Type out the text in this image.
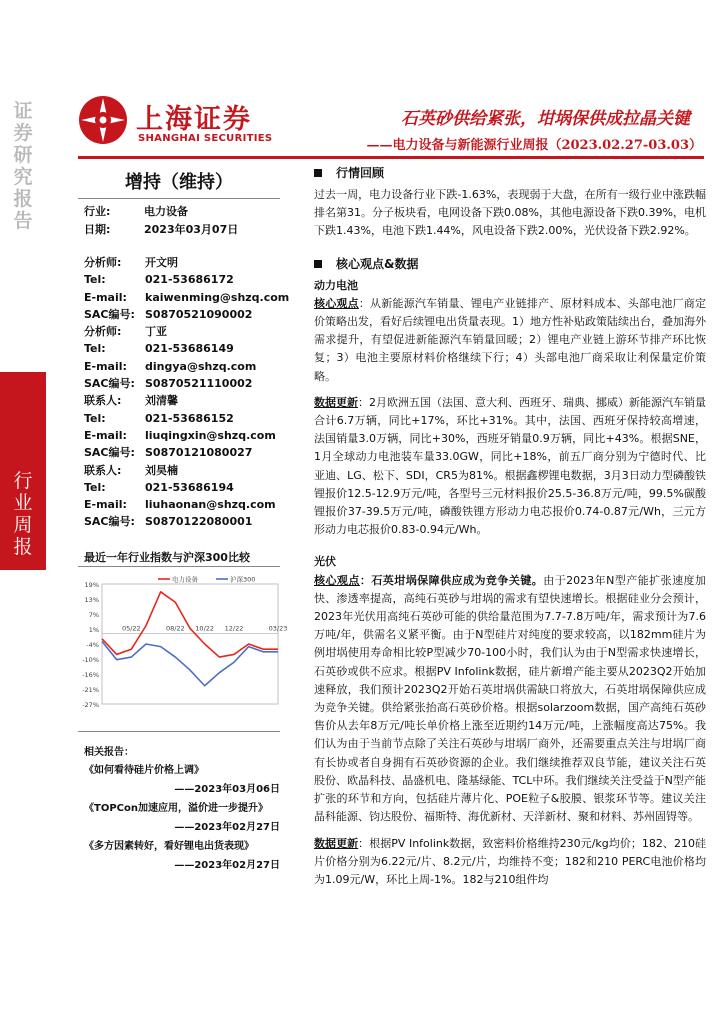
证券研究报告
行业周报
上海证券
SHANGHAI SECURITIES
石英砂供给紧张，坩埚保供成拉晶关键
——电力设备与新能源行业周报（2023.02.27-03.03）
增持（维持）
行业:	电力设备
日期:	2023年03月07日
分析师:	开文明
Tel:	021-53686172
E-mail:	kaiwenming@shzq.com
SAC编号: S0870521090002
分析师:	丁亚
Tel:	021-53686149
E-mail:	dingya@shzq.com
SAC编号: S0870521110002
联系人:	刘清馨
Tel:	021-53686152
E-mail:	liuqingxin@shzq.com
SAC编号: S0870121080027
联系人:	刘昊楠
Tel:	021-53686194
E-mail:	liuhaonan@shzq.com
SAC编号: S0870122080001
最近一年行业指数与沪深300比较
19%
13%
7%
1%
-4%
-10%
-16%
-21%
-27%
05/22	08/22 10/22 12/22	03/23
电力设备	沪深300
相关报告：
《如何看待硅片价格上调》
——2023年03月06日
《TOPCon加速应用，溢价进一步提升》
——2023年02月27日
《多方因素转好，看好锂电出货表现》
——2023年02月27日
行情回顾
过去一周，电力设备行业下跌-1.63%，表现弱于大盘，在所有一级行业中涨跌幅排名第31。分子板块看，电网设备下跌0.08%，其他电源设备下跌0.39%，电机下跌1.43%，电池下跌1.44%，风电设备下跌2.00%，光伏设备下跌2.92%。
核心观点&数据
动力电池
核心观点：从新能源汽车销量、锂电产业链排产、原材料成本、头部电池厂商定价策略出发，看好后续锂电出货量表现。1）地方性补贴政策陆续出台，叠加海外需求提升，有望促进新能源汽车销量回暖；2）锂电产业链上游环节排产环比恢复；3）电池主要原材料价格继续下行；4）头部电池厂商采取让利保量定价策略。
数据更新：2月欧洲五国（法国、意大利、西班牙、瑞典、挪威）新能源汽车销量合计6.7万辆，同比+17%，环比+31%。其中，法国、西班牙保持较高增速，法国销量3.0万辆，同比+30%，西班牙销量0.9万辆，同比+43%。根据SNE，1月全球动力电池装车量33.0GW，同比+18%，前五厂商分别为宁德时代、比亚迪、LG、松下、SDI，CR5为81%。根据鑫椤锂电数据，3月3日动力型磷酸铁锂报价12.5-12.9万元/吨，各型号三元材料报价25.5-36.8万元/吨，99.5%碳酸锂报价37-39.5万元/吨，磷酸铁锂方形动力电芯报价0.74-0.87元/Wh，三元方形动力电芯报价0.83-0.94元/Wh。
光伏
核心观点：石英坩埚保障供应成为竞争关键。由于2023年N型产能扩张速度加快、渗透率提高，高纯石英砂与坩埚的需求有望快速增长。根据硅业分会预计，2023年光伏用高纯石英砂可能的供给量范围为7.7-7.8万吨/年，需求预计为7.6万吨/年，供需名义紧平衡。由于N型硅片对纯度的要求较高，以182mm硅片为例坩埚使用寿命相比较P型减少70-100小时，我们认为由于N型需求快速增长，石英砂或供不应求。根据PV Infolink数据，硅片新增产能主要从2023Q2开始加速释放，我们预计2023Q2开始石英坩埚供需缺口将放大，石英坩埚保障供应成为竞争关键。供给紧张抬高石英砂价格。根据solarzoom数据，国产高纯石英砂售价从去年8万元/吨长单价格上涨至近期约14万元/吨，上涨幅度高达75%。我们认为由于当前节点除了关注石英砂与坩埚厂商外，还需要重点关注与坩埚厂商有长协或者自身拥有石英砂资源的企业。我们继续推荐双良节能，建议关注石英股份、欧晶科技、晶盛机电、隆基绿能、TCL中环。我们继续关注受益于N型产能扩张的环节和方向，包括硅片薄片化、POE粒子&胶膜、银浆环节等。建议关注晶科能源、钧达股份、福斯特、海优新材、天洋新材、聚和材料、苏州固锝等。
数据更新：根据PV Infolink数据，致密料价格维持230元/kg均价；182、210硅片价格分别为6.22元/片、8.2元/片，均维持不变；182和210 PERC电池价格均为1.09元/W，环比上周-1%。182与210组件均
